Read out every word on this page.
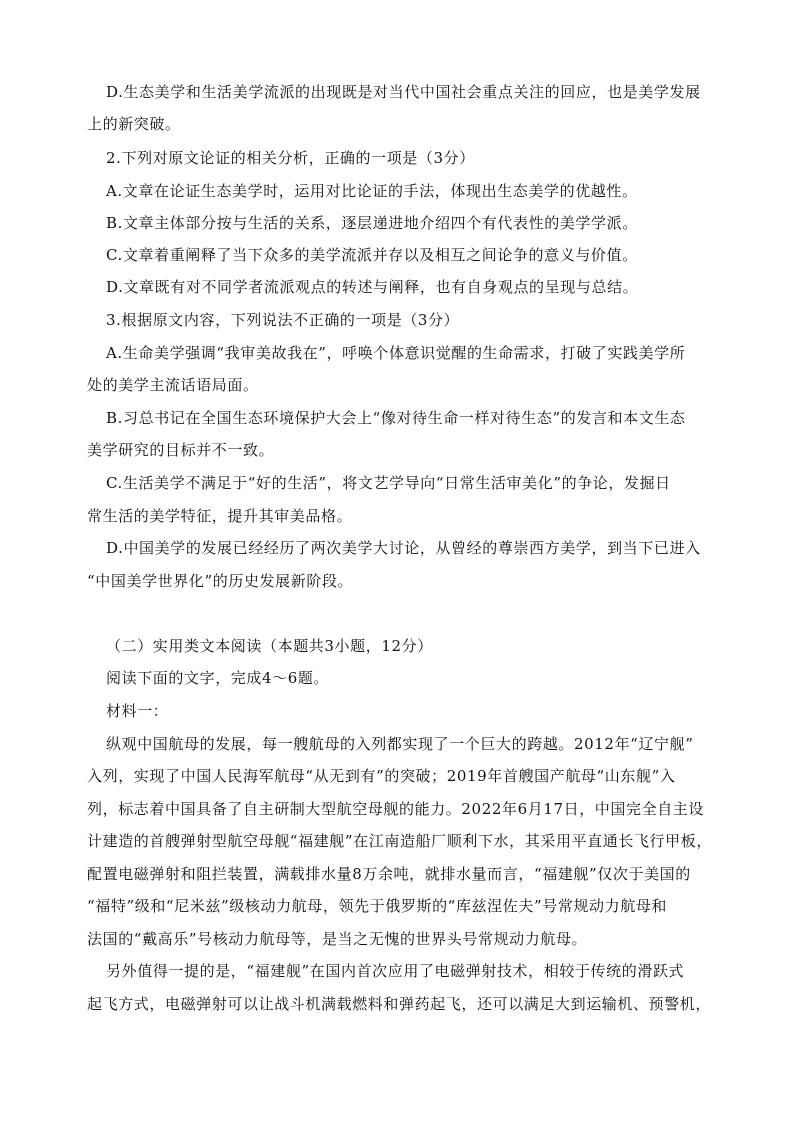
D.生态美学和生活美学流派的出现既是对当代中国社会重点关注的回应，也是美学发展
上的新突破。
2.下列对原文论证的相关分析，正确的一项是（3分）
A.文章在论证生态美学时，运用对比论证的手法，体现出生态美学的优越性。
B.文章主体部分按与生活的关系，逐层递进地介绍四个有代表性的美学学派。
C.文章着重阐释了当下众多的美学流派并存以及相互之间论争的意义与价值。
D.文章既有对不同学者流派观点的转述与阐释，也有自身观点的呈现与总结。
3.根据原文内容，下列说法不正确的一项是（3分）
A.生命美学强调“我审美故我在”，呼唤个体意识觉醒的生命需求，打破了实践美学所
处的美学主流话语局面。
B.习总书记在全国生态环境保护大会上“像对待生命一样对待生态”的发言和本文生态
美学研究的目标并不一致。
C.生活美学不满足于“好的生活”，将文艺学导向“日常生活审美化”的争论，发掘日
常生活的美学特征，提升其审美品格。
D.中国美学的发展已经经历了两次美学大讨论，从曾经的尊崇西方美学，到当下已进入
“中国美学世界化”的历史发展新阶段。
（二）实用类文本阅读（本题共3小题，12分）
阅读下面的文字，完成4～6题。
材料一：
纵观中国航母的发展，每一艘航母的入列都实现了一个巨大的跨越。2012年“辽宁舰”
入列，实现了中国人民海军航母“从无到有”的突破；2019年首艘国产航母“山东舰”入
列，标志着中国具备了自主研制大型航空母舰的能力。2022年6月17日，中国完全自主设
计建造的首艘弹射型航空母舰“福建舰”在江南造船厂顺利下水，其采用平直通长飞行甲板，
配置电磁弹射和阻拦装置，满载排水量8万余吨，就排水量而言，“福建舰”仅次于美国的
“福特”级和“尼米兹”级核动力航母，领先于俄罗斯的“库兹涅佐夫”号常规动力航母和
法国的“戴高乐”号核动力航母等，是当之无愧的世界头号常规动力航母。
另外值得一提的是，“福建舰”在国内首次应用了电磁弹射技术，相较于传统的滑跃式
起飞方式，电磁弹射可以让战斗机满载燃料和弹药起飞，还可以满足大到运输机、预警机，
